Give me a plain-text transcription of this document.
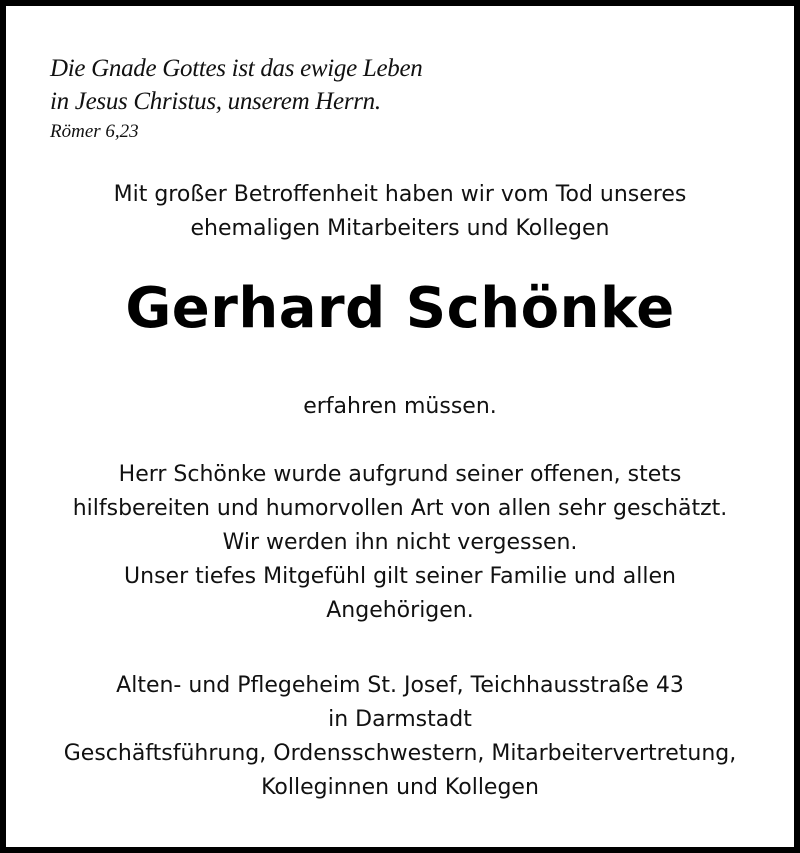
Die Gnade Gottes ist das ewige Leben
in Jesus Christus, unserem Herrn.
Römer 6,23
Mit großer Betroffenheit haben wir vom Tod unseres
ehemaligen Mitarbeiters und Kollegen
Gerhard Schönke
erfahren müssen.
Herr Schönke wurde aufgrund seiner offenen, stets
hilfsbereiten und humorvollen Art von allen sehr geschätzt.
Wir werden ihn nicht vergessen.
Unser tiefes Mitgefühl gilt seiner Familie und allen
Angehörigen.
Alten- und Pflegeheim St. Josef, Teichhausstraße 43
in Darmstadt
Geschäftsführung, Ordensschwestern, Mitarbeitervertretung,
Kolleginnen und Kollegen
